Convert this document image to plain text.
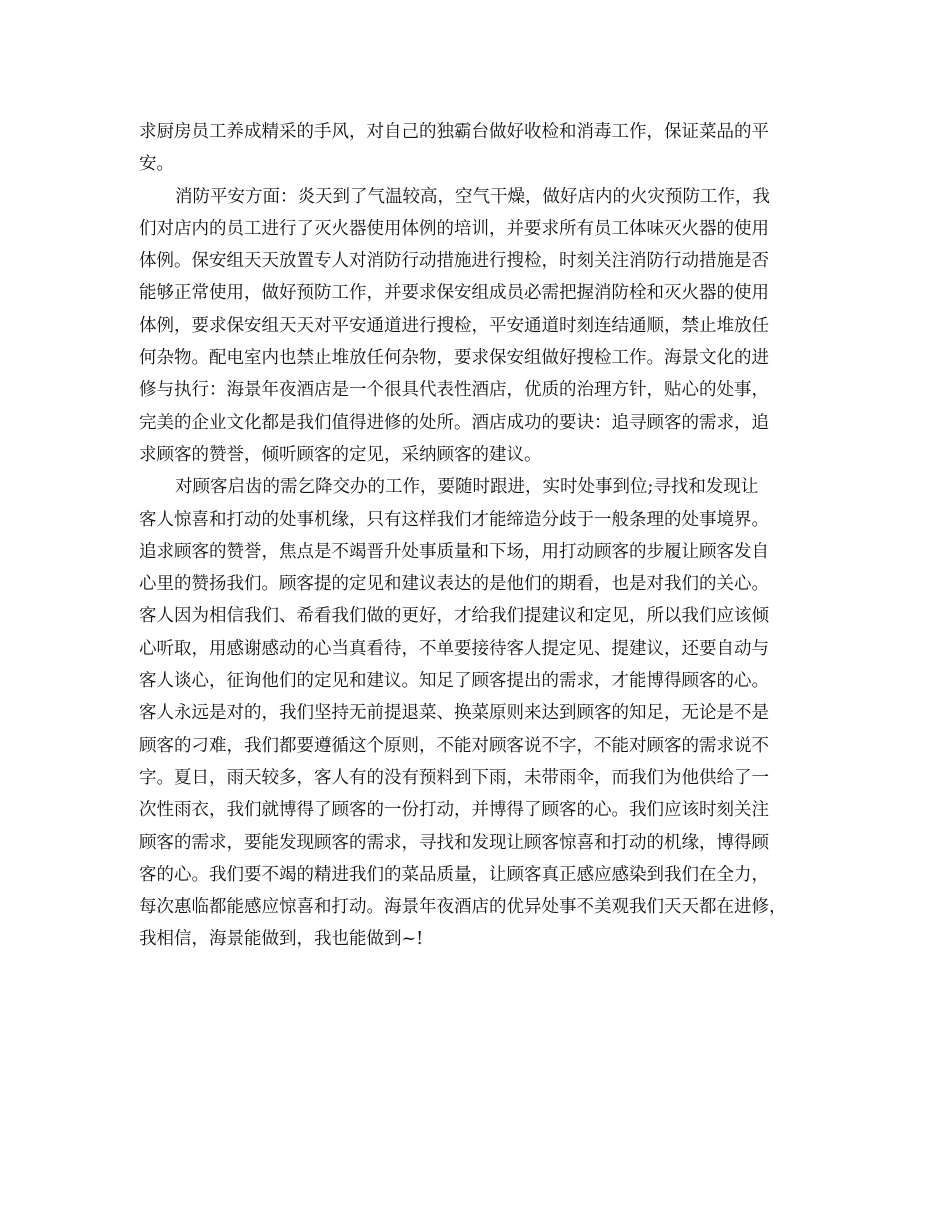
求厨房员工养成精采的手风，对自己的独霸台做好收检和消毒工作，保证菜品的平
安。
消防平安方面：炎天到了气温较高，空气干燥，做好店内的火灾预防工作，我
们对店内的员工进行了灭火器使用体例的培训，并要求所有员工体味灭火器的使用
体例。保安组天天放置专人对消防行动措施进行搜检，时刻关注消防行动措施是否
能够正常使用，做好预防工作，并要求保安组成员必需把握消防栓和灭火器的使用
体例，要求保安组天天对平安通道进行搜检，平安通道时刻连结通顺，禁止堆放任
何杂物。配电室内也禁止堆放任何杂物，要求保安组做好搜检工作。海景文化的进
修与执行：海景年夜酒店是一个很具代表性酒店，优质的治理方针，贴心的处事，
完美的企业文化都是我们值得进修的处所。酒店成功的要诀：追寻顾客的需求，追
求顾客的赞誉，倾听顾客的定见，采纳顾客的建议。
对顾客启齿的需乞降交办的工作，要随时跟进，实时处事到位;寻找和发现让
客人惊喜和打动的处事机缘，只有这样我们才能缔造分歧于一般条理的处事境界。
追求顾客的赞誉，焦点是不竭晋升处事质量和下场，用打动顾客的步履让顾客发自
心里的赞扬我们。顾客提的定见和建议表达的是他们的期看，也是对我们的关心。
客人因为相信我们、希看我们做的更好，才给我们提建议和定见，所以我们应该倾
心听取，用感谢感动的心当真看待，不单要接待客人提定见、提建议，还要自动与
客人谈心，征询他们的定见和建议。知足了顾客提出的需求，才能博得顾客的心。
客人永远是对的，我们坚持无前提退菜、换菜原则来达到顾客的知足，无论是不是
顾客的刁难，我们都要遵循这个原则，不能对顾客说不字，不能对顾客的需求说不
字。夏日，雨天较多，客人有的没有预料到下雨，未带雨伞，而我们为他供给了一
次性雨衣，我们就博得了顾客的一份打动，并博得了顾客的心。我们应该时刻关注
顾客的需求，要能发现顾客的需求，寻找和发现让顾客惊喜和打动的机缘，博得顾
客的心。我们要不竭的精进我们的菜品质量，让顾客真正感应感染到我们在全力，
每次惠临都能感应惊喜和打动。海景年夜酒店的优异处事不美观我们天天都在进修，
我相信，海景能做到，我也能做到~!
